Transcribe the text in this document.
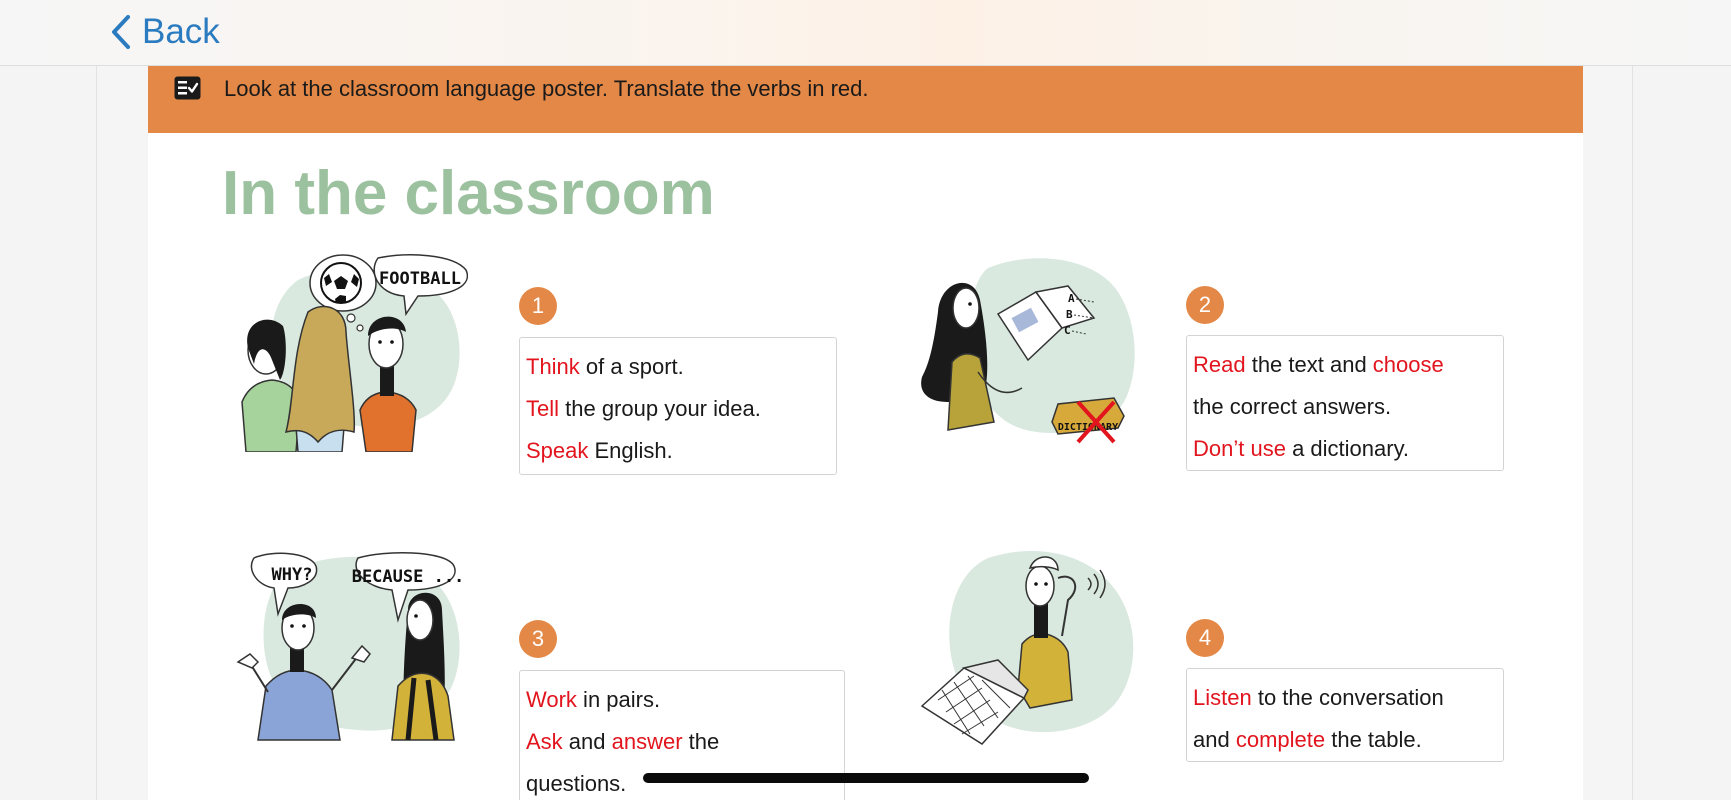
Back
Look at the classroom language poster. Translate the verbs in red.
In the classroom
FOOTBALL
1
Think of a sport.
Tell the group your idea.
Speak English.
A
B
C
DICTIONARY
2
Read the text and choose
the correct answers.
Don’t use a dictionary.
WHY? BECAUSE ...
3
Work in pairs.
Ask and answer the
questions.
4
Listen to the conversation
and complete the table.
